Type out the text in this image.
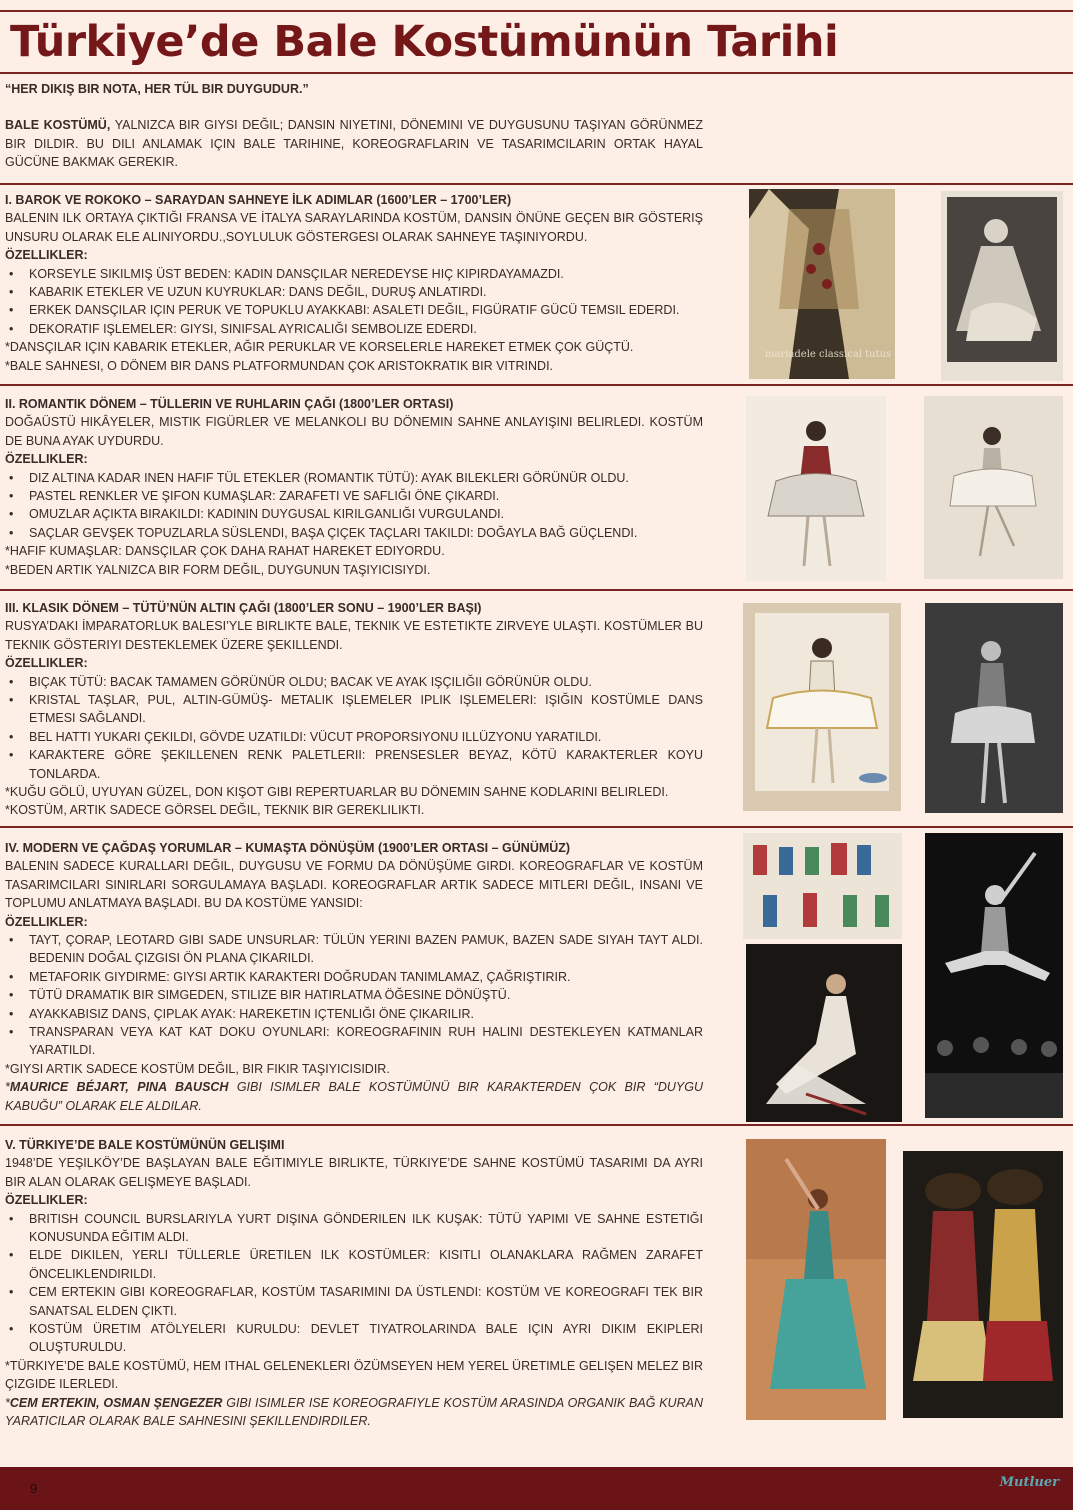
Türkiye’de Bale Kostümünün Tarihi
“HER DIKIŞ BIR NOTA, HER TÜL BIR DUYGUDUR.”
BALE KOSTÜMÜ, YALNIZCA BIR GIYSI DEĞIL; DANSIN NIYETINI, DÖNEMINI VE DUYGUSUNU TAŞIYAN GÖRÜNMEZ BIR DILDIR. BU DILI ANLAMAK IÇIN BALE TARIHINE, KOREOGRAFLARIN VE TASARIMCILARIN ORTAK HAYAL GÜCÜNE BAKMAK GEREKIR.

I. BAROK VE ROKOKO – SARAYDAN SAHNEYE İLK ADIMLAR (1600’LER – 1700’LER)

BALENIN ILK ORTAYA ÇIKTIĞI FRANSA VE İTALYA SARAYLARINDA KOSTÜM, DANSIN ÖNÜNE GEÇEN BIR GÖSTERIŞ UNSURU OLARAK ELE ALINIYORDU.,SOYLULUK GÖSTERGESI OLARAK SAHNEYE TAŞINIYORDU.

ÖZELLIKLER:

• KORSEYLE SIKILMIŞ ÜST BEDEN: KADIN DANSÇILAR NEREDEYSE HIÇ KIPIRDAYAMAZDI.
• KABARIK ETEKLER VE UZUN KUYRUKLAR: DANS DEĞIL, DURUŞ ANLATIRDI.
• ERKEK DANSÇILAR IÇIN PERUK VE TOPUKLU AYAKKABI: ASALETI DEĞIL, FIGÜRATIF GÜCÜ TEMSIL EDERDI.
• DEKORATIF IŞLEMELER: GIYSI, SINIFSAL AYRICALIĞI SEMBOLIZE EDERDI.

*DANSÇILAR IÇIN KABARIK ETEKLER, AĞIR PERUKLAR VE KORSELERLE HAREKET ETMEK ÇOK GÜÇTÜ.

*BALE SAHNESI, O DÖNEM BIR DANS PLATFORMUNDAN ÇOK ARISTOKRATIK BIR VITRINDI.

mariadele classical tutus

II. ROMANTIK DÖNEM – TÜLLERIN VE RUHLARIN ÇAĞI (1800’LER ORTASI)

DOĞAÜSTÜ HIKÂYELER, MISTIK FIGÜRLER VE MELANKOLI BU DÖNEMIN SAHNE ANLAYIŞINI BELIRLEDI. KOSTÜM DE BUNA AYAK UYDURDU.

ÖZELLIKLER:

• DIZ ALTINA KADAR INEN HAFIF TÜL ETEKLER (ROMANTIK TÜTÜ): AYAK BILEKLERI GÖRÜNÜR OLDU.
• PASTEL RENKLER VE ŞIFON KUMAŞLAR: ZARAFETI VE SAFLIĞI ÖNE ÇIKARDI.
• OMUZLAR AÇIKTA BIRAKILDI: KADININ DUYGUSAL KIRILGANLIĞI VURGULANDI.
• SAÇLAR GEVŞEK TOPUZLARLA SÜSLENDI, BAŞA ÇIÇEK TAÇLARI TAKILDI: DOĞAYLA BAĞ GÜÇLENDI.

*HAFIF KUMAŞLAR: DANSÇILAR ÇOK DAHA RAHAT HAREKET EDIYORDU.

*BEDEN ARTIK YALNIZCA BIR FORM DEĞIL, DUYGUNUN TAŞIYICISIYDI.

III. KLASIK DÖNEM – TÜTÜ’NÜN ALTIN ÇAĞI (1800’LER SONU – 1900’LER BAŞI)

RUSYA’DAKI İMPARATORLUK BALESI’YLE BIRLIKTE BALE, TEKNIK VE ESTETIKTE ZIRVEYE ULAŞTI. KOSTÜMLER BU TEKNIK GÖSTERIYI DESTEKLEMEK ÜZERE ŞEKILLENDI.

ÖZELLIKLER:

• BIÇAK TÜTÜ: BACAK TAMAMEN GÖRÜNÜR OLDU; BACAK VE AYAK IŞÇILIĞII GÖRÜNÜR OLDU.
• KRISTAL TAŞLAR, PUL, ALTIN-GÜMÜŞ- METALIK IŞLEMELER IPLIK IŞLEMELERI: IŞIĞIN KOSTÜMLE DANS ETMESI SAĞLANDI.
• BEL HATTI YUKARI ÇEKILDI, GÖVDE UZATILDI: VÜCUT PROPORSIYONU ILLÜZYONU YARATILDI.
• KARAKTERE GÖRE ŞEKILLENEN RENK PALETLERII: PRENSESLER BEYAZ, KÖTÜ KARAKTERLER KOYU TONLARDA.

*KUĞU GÖLÜ, UYUYAN GÜZEL, DON KIŞOT GIBI REPERTUARLAR BU DÖNEMIN SAHNE KODLARINI BELIRLEDI.

*KOSTÜM, ARTIK SADECE GÖRSEL DEĞIL, TEKNIK BIR GEREKLILIKTI.

IV. MODERN VE ÇAĞDAŞ YORUMLAR – KUMAŞTA DÖNÜŞÜM (1900’LER ORTASI – GÜNÜMÜZ)

BALENIN SADECE KURALLARI DEĞIL, DUYGUSU VE FORMU DA DÖNÜŞÜME GIRDI. KOREOGRAFLAR VE KOSTÜM TASARIMCILARI SINIRLARI SORGULAMAYA BAŞLADI. KOREOGRAFLAR ARTIK SADECE MITLERI DEĞIL, INSANI VE TOPLUMU ANLATMAYA BAŞLADI. BU DA KOSTÜME YANSIDI:

ÖZELLIKLER:

• TAYT, ÇORAP, LEOTARD GIBI SADE UNSURLAR: TÜLÜN YERINI BAZEN PAMUK, BAZEN SADE SIYAH TAYT ALDI. BEDENIN DOĞAL ÇIZGISI ÖN PLANA ÇIKARILDI.
• METAFORIK GIYDIRME: GIYSI ARTIK KARAKTERI DOĞRUDAN TANIMLAMAZ, ÇAĞRIŞTIRIR.
• TÜTÜ DRAMATIK BIR SIMGEDEN, STILIZE BIR HATIRLATMA ÖĞESINE DÖNÜŞTÜ.
• AYAKKABISIZ DANS, ÇIPLAK AYAK: HAREKETIN IÇTENLIĞI ÖNE ÇIKARILIR.
• TRANSPARAN VEYA KAT KAT DOKU OYUNLARI: KOREOGRAFININ RUH HALINI DESTEKLEYEN KATMANLAR YARATILDI.

*GIYSI ARTIK SADECE KOSTÜM DEĞIL, BIR FIKIR TAŞIYICISIDIR.

*MAURICE BÉJART, PINA BAUSCH GIBI ISIMLER BALE KOSTÜMÜNÜ BIR KARAKTERDEN ÇOK BIR “DUYGU KABUĞU” OLARAK ELE ALDILAR.

V. TÜRKIYE’DE BALE KOSTÜMÜNÜN GELIŞIMI

1948’DE YEŞILKÖY’DE BAŞLAYAN BALE EĞITIMIYLE BIRLIKTE, TÜRKIYE’DE SAHNE KOSTÜMÜ TASARIMI DA AYRI BIR ALAN OLARAK GELIŞMEYE BAŞLADI.

ÖZELLIKLER:

• BRITISH COUNCIL BURSLARIYLA YURT DIŞINA GÖNDERILEN ILK KUŞAK: TÜTÜ YAPIMI VE SAHNE ESTETIĞI KONUSUNDA EĞITIM ALDI.
• ELDE DIKILEN, YERLI TÜLLERLE ÜRETILEN ILK KOSTÜMLER: KISITLI OLANAKLARA RAĞMEN ZARAFET ÖNCELIKLENDIRILDI.
• CEM ERTEKIN GIBI KOREOGRAFLAR, KOSTÜM TASARIMINI DA ÜSTLENDI: KOSTÜM VE KOREOGRAFI TEK BIR SANATSAL ELDEN ÇIKTI.
• KOSTÜM ÜRETIM ATÖLYELERI KURULDU: DEVLET TIYATROLARINDA BALE IÇIN AYRI DIKIM EKIPLERI OLUŞTURULDU.

*TÜRKIYE’DE BALE KOSTÜMÜ, HEM ITHAL GELENEKLERI ÖZÜMSEYEN HEM YEREL ÜRETIMLE GELIŞEN MELEZ BIR ÇIZGIDE ILERLEDI.

*CEM ERTEKIN, OSMAN ŞENGEZER GIBI ISIMLER ISE KOREOGRAFIYLE KOSTÜM ARASINDA ORGANIK BAĞ KURAN YARATICILAR OLARAK BALE SAHNESINI ŞEKILLENDIRDILER.

9	Mutluer
